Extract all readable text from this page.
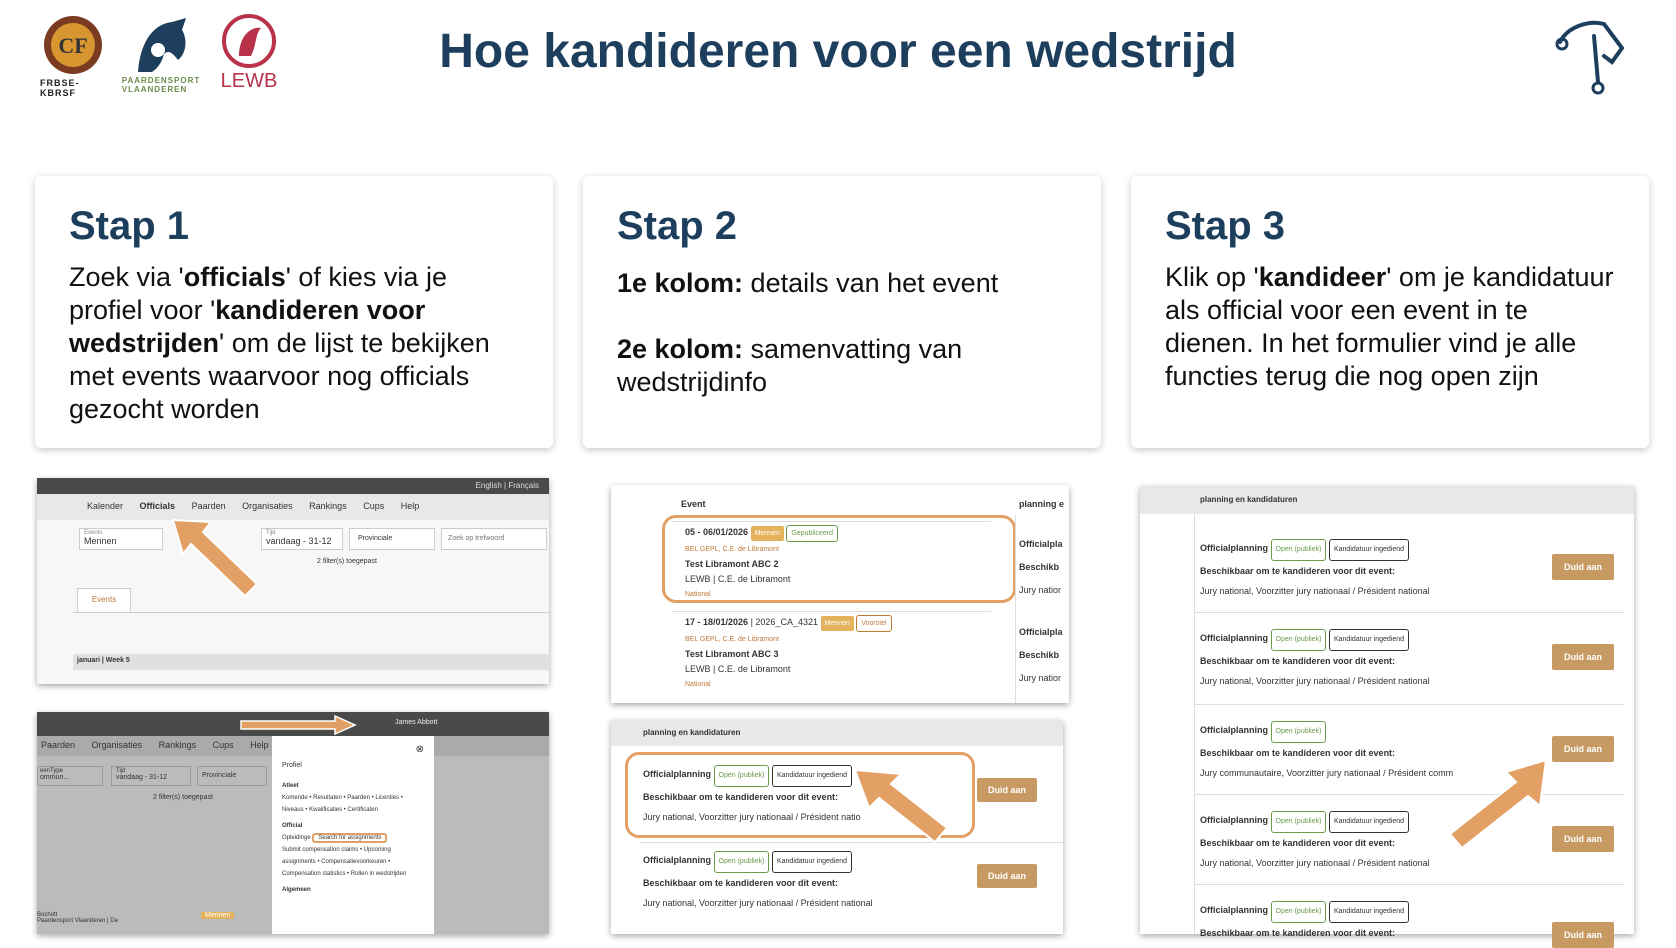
CF
FRBSE-KBRSF
PAARDENSPORT VLAANDEREN	LEWB
Hoe kandideren voor een wedstrijd
Stap 1

Zoek via 'officials' of kies via je profiel voor 'kandideren voor wedstrijden' om de lijst te bekijken met events waarvoor nog officials gezocht worden

Stap 2

1e kolom: details van het event

2e kolom: samenvatting van wedstrijdinfo

Stap 3

Klik op 'kandideer' om je kandidatuur als official voor een event in te dienen. In het formulier vind je alle functies terug die nog open zijn

English | Français
Kalender Officials Paarden Organisaties Rankings Cups Help
Events
Mennen
Tijd
vandaag - 31-12	Provinciale	Zoek op trefwoord
2 filter(s) toegepast
Events
januari | Week 5
James Abbott
Paarden Organisaties Rankings Cups Help
eenType
ommun...
Tijd
vandaag - 31-12	Provinciale
2 filter(s) toegepast
Bochott
Paardensport Vlaanderen | De
Mennen
⊗
Profiel
Atleet
Komende • Resultaten • Paarden • Licenties • Niveaus • Kwalificaties • Certificaten
Official
Opleidinge Search for assignments
Submit compensation claims • Upcoming assignments • Compensatievoorkeuren • Compensation statistics • Rollen in wedstrijden
Algemeen
Event	planning e
05 - 06/01/2026 Mennen Gepubliceerd
BEL GEPL, C.E. de Libramont
Test Libramont ABC 2
LEWB | C.E. de Libramont
National
Officialpla
Beschikb
Jury natior
17 - 18/01/2026 | 2026_CA_4321 Mennen Voorstel
BEL GEPL, C.E. de Libramont
Test Libramont ABC 3
LEWB | C.E. de Libramont
National
Officialpla
Beschikb
Jury natior
planning en kandidaturen
Officialplanning Open (publiek) Kandidatuur ingediend
Beschikbaar om te kandideren voor dit event:
Jury national, Voorzitter jury nationaal / Président natio
Duid aan
Officialplanning Open (publiek) Kandidatuur ingediend
Beschikbaar om te kandideren voor dit event:
Jury national, Voorzitter jury nationaal / Président national
Duid aan
planning en kandidaturen
Officialplanning Open (publiek) Kandidatuur ingediend
Beschikbaar om te kandideren voor dit event:
Jury national, Voorzitter jury nationaal / Président national
Duid aan
Officialplanning Open (publiek) Kandidatuur ingediend
Beschikbaar om te kandideren voor dit event:
Jury national, Voorzitter jury nationaal / Président national
Duid aan
Officialplanning Open (publiek)
Beschikbaar om te kandideren voor dit event:
Jury communautaire, Voorzitter jury nationaal / Président comm
Duid aan
Officialplanning Open (publiek) Kandidatuur ingediend
Beschikbaar om te kandideren voor dit event:
Jury national, Voorzitter jury nationaal / Président national
Duid aan
Officialplanning Open (publiek) Kandidatuur ingediend
Beschikbaar om te kandideren voor dit event:	Duid aan
